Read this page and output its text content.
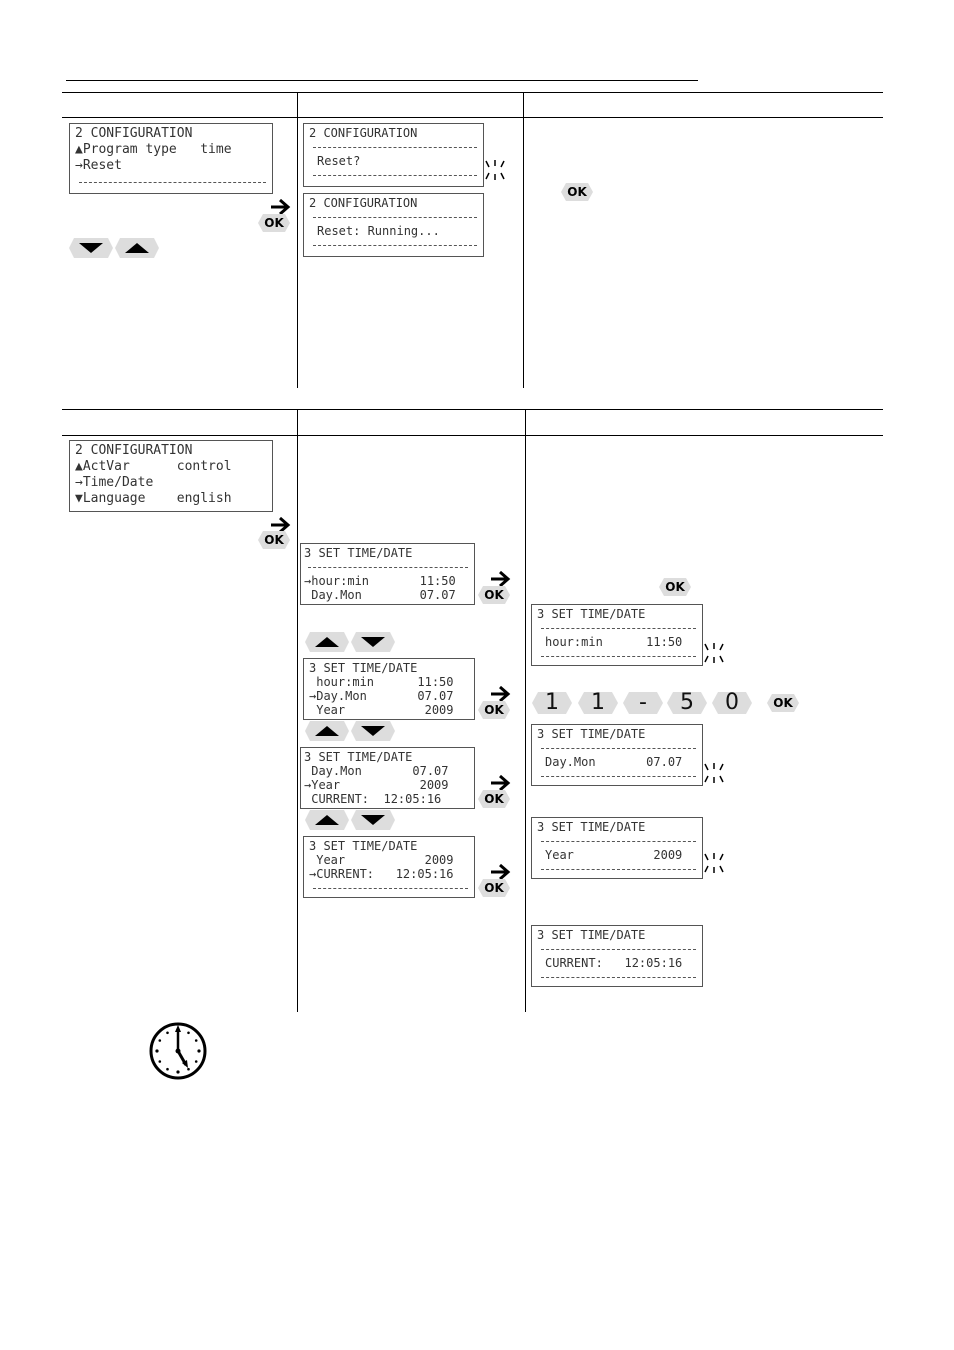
2 CONFIGURATION
▲Program type   time
→Reset
OK
2 CONFIGURATION
Reset?
2 CONFIGURATION
Reset: Running...
OK
2 CONFIGURATION
▲ActVar      control
→Time/Date
▼Language    english
OK
3 SET TIME/DATE
→hour:min       11:50
Day.Mon        07.07	OK
3 SET TIME/DATE
hour:min      11:50
→Day.Mon       07.07
Year           2009	OK
3 SET TIME/DATE
Day.Mon       07.07
→Year           2009
CURRENT:  12:05:16	OK
3 SET TIME/DATE
Year           2009
→CURRENT:   12:05:16
OK
OK
3 SET TIME/DATE
hour:min      11:50
1	1	-	5	0	OK
3 SET TIME/DATE
Day.Mon       07.07
3 SET TIME/DATE
Year           2009
3 SET TIME/DATE
CURRENT:   12:05:16
